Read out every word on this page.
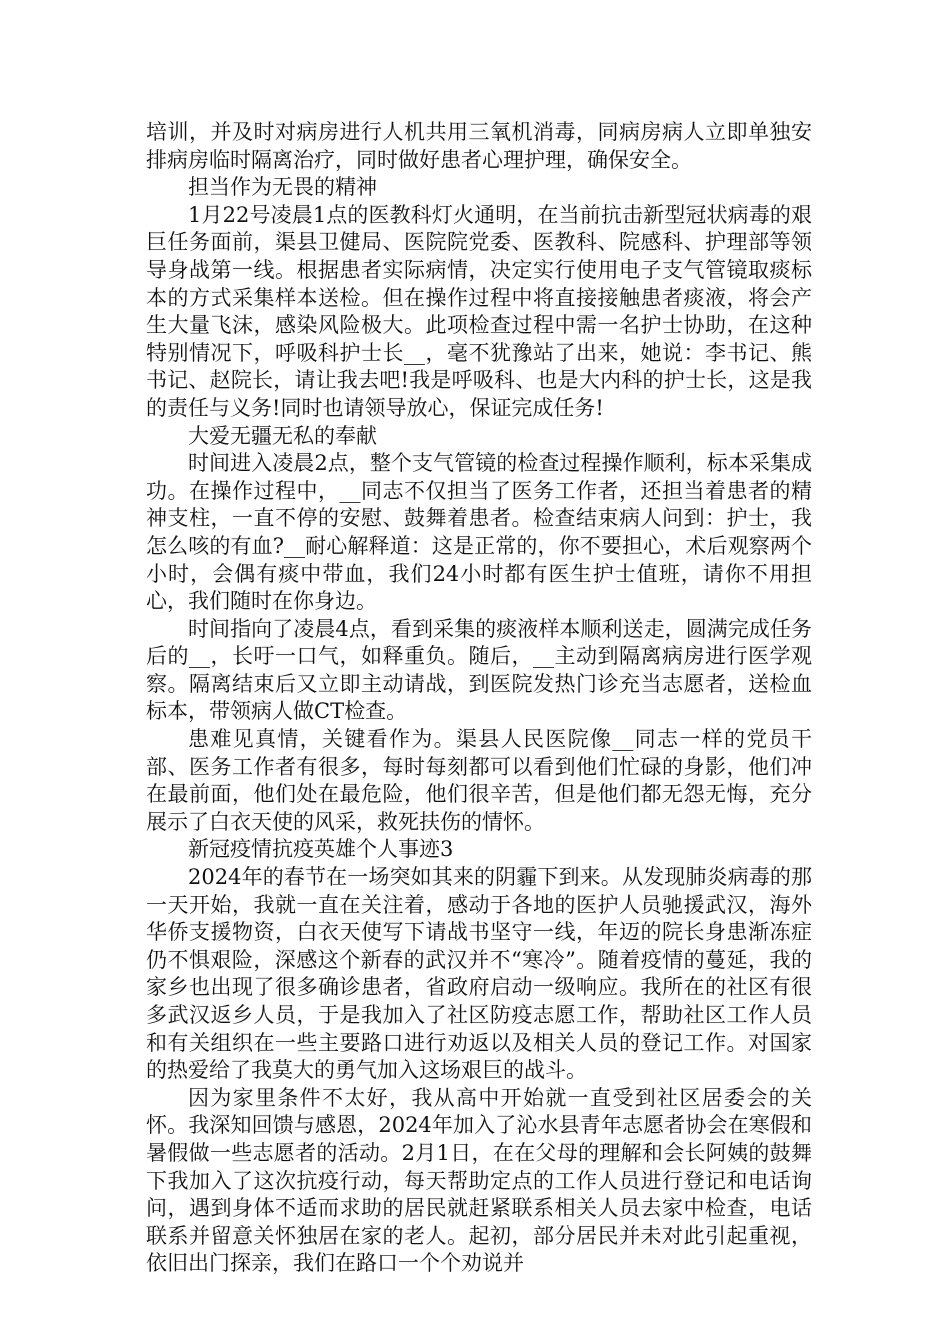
培训，并及时对病房进行人机共用三氧机消毒，同病房病人立即单独安排病房临时隔离治疗，同时做好患者心理护理，确保安全。

担当作为无畏的精神

1月22号凌晨1点的医教科灯火通明，在当前抗击新型冠状病毒的艰巨任务面前，渠县卫健局、医院院党委、医教科、院感科、护理部等领导身战第一线。根据患者实际病情，决定实行使用电子支气管镜取痰标本的方式采集样本送检。但在操作过程中将直接接触患者痰液，将会产生大量飞沫，感染风险极大。此项检查过程中需一名护士协助，在这种特别情况下，呼吸科护士长__，毫不犹豫站了出来，她说：李书记、熊书记、赵院长，请让我去吧!我是呼吸科、也是大内科的护士长，这是我的责任与义务!同时也请领导放心，保证完成任务!

大爱无疆无私的奉献

时间进入凌晨2点，整个支气管镜的检查过程操作顺利，标本采集成功。在操作过程中，__同志不仅担当了医务工作者，还担当着患者的精神支柱，一直不停的安慰、鼓舞着患者。检查结束病人问到：护士，我怎么咳的有血?__耐心解释道：这是正常的，你不要担心，术后观察两个小时，会偶有痰中带血，我们24小时都有医生护士值班，请你不用担心，我们随时在你身边。

时间指向了凌晨4点，看到采集的痰液样本顺利送走，圆满完成任务后的__，长吁一口气，如释重负。随后，__主动到隔离病房进行医学观察。隔离结束后又立即主动请战，到医院发热门诊充当志愿者，送检血标本，带领病人做CT检查。

患难见真情，关键看作为。渠县人民医院像__同志一样的党员干部、医务工作者有很多，每时每刻都可以看到他们忙碌的身影，他们冲在最前面，他们处在最危险，他们很辛苦，但是他们都无怨无悔，充分展示了白衣天使的风采，救死扶伤的情怀。

新冠疫情抗疫英雄个人事迹3

2024年的春节在一场突如其来的阴霾下到来。从发现肺炎病毒的那一天开始，我就一直在关注着，感动于各地的医护人员驰援武汉，海外华侨支援物资，白衣天使写下请战书坚守一线，年迈的院长身患渐冻症仍不惧艰险，深感这个新春的武汉并不“寒冷”。随着疫情的蔓延，我的家乡也出现了很多确诊患者，省政府启动一级响应。我所在的社区有很多武汉返乡人员，于是我加入了社区防疫志愿工作，帮助社区工作人员和有关组织在一些主要路口进行劝返以及相关人员的登记工作。对国家的热爱给了我莫大的勇气加入这场艰巨的战斗。

因为家里条件不太好，我从高中开始就一直受到社区居委会的关怀。我深知回馈与感恩，2024年加入了沁水县青年志愿者协会在寒假和暑假做一些志愿者的活动。2月1日，在在父母的理解和会长阿姨的鼓舞下我加入了这次抗疫行动，每天帮助定点的工作人员进行登记和电话询问，遇到身体不适而求助的居民就赶紧联系相关人员去家中检查，电话联系并留意关怀独居在家的老人。起初，部分居民并未对此引起重视，依旧出门探亲，我们在路口一个个劝说并
